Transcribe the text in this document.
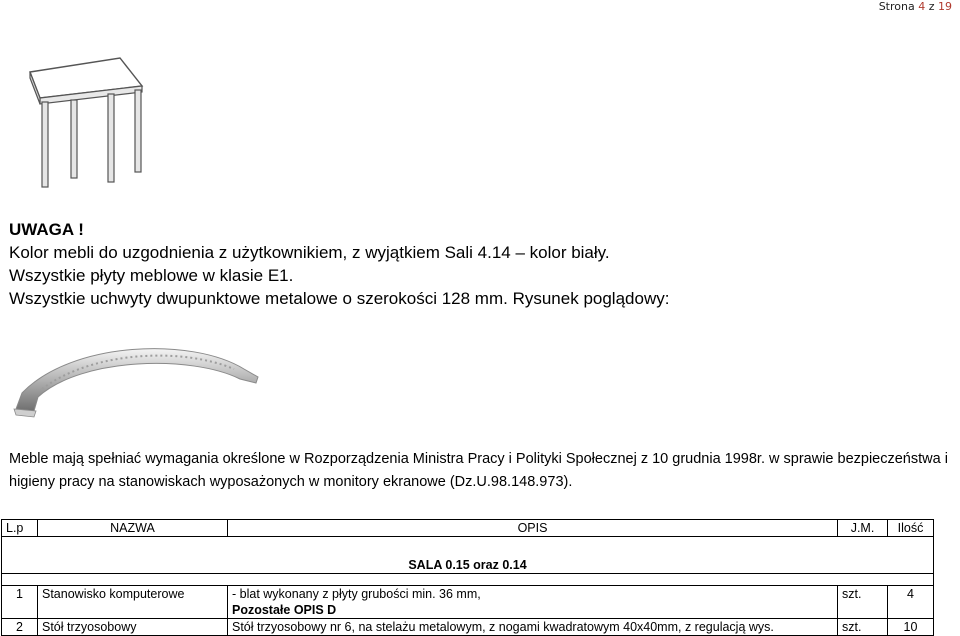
Strona 4 z 19

UWAGA !

Kolor mebli do uzgodnienia z użytkownikiem, z wyjątkiem Sali 4.14 – kolor biały.

Wszystkie płyty meblowe w klasie E1.

Wszystkie uchwyty dwupunktowe metalowe o szerokości 128 mm. Rysunek poglądowy:

Meble mają spełniać wymagania określone w Rozporządzenia Ministra Pracy i Polityki Społecznej z 10 grudnia 1998r. w sprawie bezpieczeństwa i higieny pracy na stanowiskach wyposażonych w monitory ekranowe (Dz.U.98.148.973).

L.p	NAZWA	OPIS	J.M.	Ilość
SALA 0.15 oraz 0.14				

1	Stanowisko komputerowe	- blat wykonany z płyty grubości min. 36 mm,
Pozostałe OPIS D	szt.	4
2	Stół trzyosobowy	Stół trzyosobowy nr 6, na stelażu metalowym, z nogami kwadratowym 40x40mm, z regulacją wys.	szt.	10
